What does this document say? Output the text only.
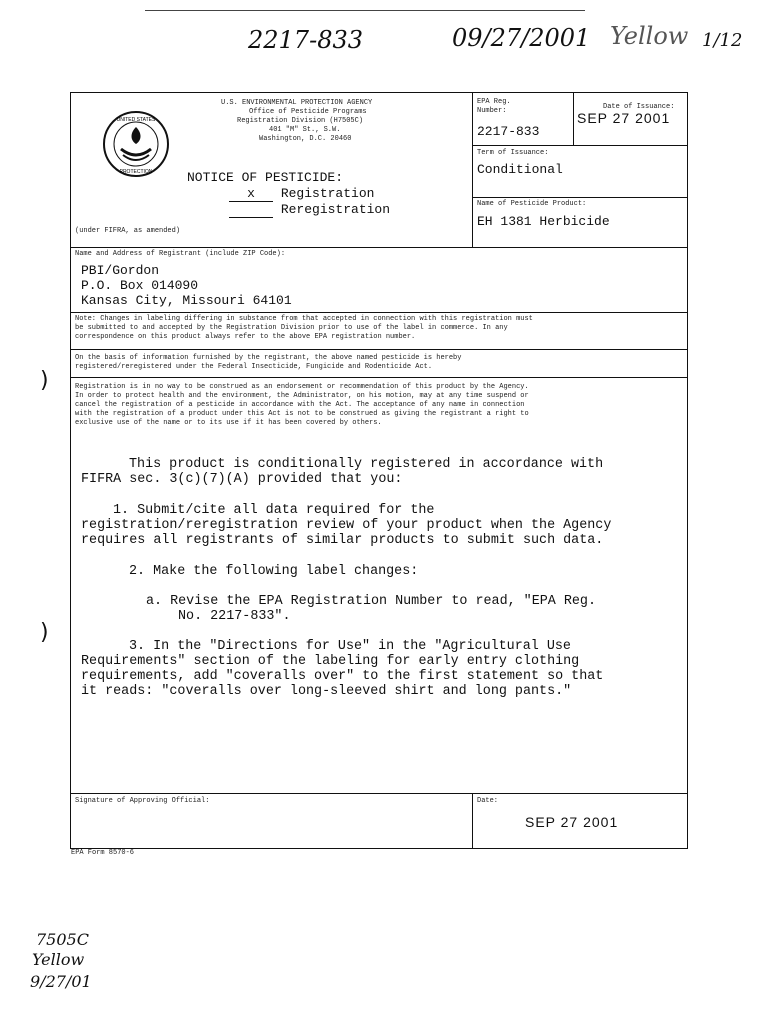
2217-833	09/27/2001 Yellow 1/12
)
)
UNITED STATES
PROTECTION
U.S. ENVIRONMENTAL PROTECTION AGENCY
Office of Pesticide Programs
Registration Division (H7505C)
401 "M" St., S.W.
Washington, D.C. 20460
NOTICE OF PESTICIDE:
x Registration
Reregistration
(under FIFRA, as amended)
EPA Reg. Number:
2217-833
Date of Issuance:
SEP 27 2001
Term of Issuance:
Conditional
Name of Pesticide Product:
EH 1381 Herbicide
Name and Address of Registrant (include ZIP Code):
PBI/Gordon
P.O. Box 014090
Kansas City, Missouri 64101
Note: Changes in labeling differing in substance from that accepted in connection with this registration must
be submitted to and accepted by the Registration Division prior to use of the label in commerce. In any
correspondence on this product always refer to the above EPA registration number.
On the basis of information furnished by the registrant, the above named pesticide is hereby
registered/reregistered under the Federal Insecticide, Fungicide and Rodenticide Act.
Registration is in no way to be construed as an endorsement or recommendation of this product by the Agency.
In order to protect health and the environment, the Administrator, on his motion, may at any time suspend or
cancel the registration of a pesticide in accordance with the Act. The acceptance of any name in connection
with the registration of a product under this Act is not to be construed as giving the registrant a right to
exclusive use of the name or to its use if it has been covered by others.
This product is conditionally registered in accordance with
FIFRA sec. 3(c)(7)(A) provided that you:
1. Submit/cite all data required for the
registration/reregistration review of your product when the Agency
requires all registrants of similar products to submit such data.
2. Make the following label changes:
a. Revise the EPA Registration Number to read, "EPA Reg.
No. 2217-833".
3. In the "Directions for Use" in the "Agricultural Use
Requirements" section of the labeling for early entry clothing
requirements, add "coveralls over" to the first statement so that
it reads: "coveralls over long-sleeved shirt and long pants."
Signature of Approving Official:	Date:
SEP 27 2001
EPA Form 8570-6
7505C
Yellow
9/27/01
